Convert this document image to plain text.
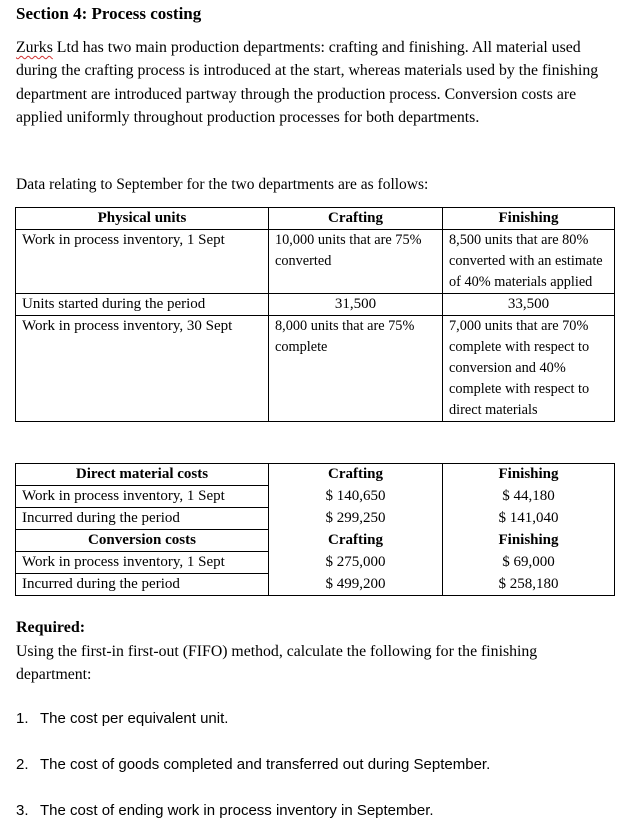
Section 4: Process costing
Zurks Ltd has two main production departments: crafting and finishing. All material used during the crafting process is introduced at the start, whereas materials used by the finishing department are introduced partway through the production process. Conversion costs are applied uniformly throughout production processes for both departments.
Data relating to September for the two departments are as follows:
Physical units	Crafting	Finishing
Work in process inventory, 1 Sept	10,000 units that are 75% converted	8,500 units that are 80% converted with an estimate of 40% materials applied
Units started during the period	31,500	33,500
Work in process inventory, 30 Sept	8,000 units that are 75% complete	7,000 units that are 70% complete with respect to conversion and 40% complete with respect to direct materials
Direct material costs	Crafting	Finishing
Work in process inventory, 1 Sept	$ 140,650	$ 44,180
Incurred during the period	$ 299,250	$ 141,040
Conversion costs	Crafting	Finishing
Work in process inventory, 1 Sept	$ 275,000	$ 69,000
Incurred during the period	$ 499,200	$ 258,180
Required:
Using the first-in first-out (FIFO) method, calculate the following for the finishing department:
1. The cost per equivalent unit.
2. The cost of goods completed and transferred out during September.
3. The cost of ending work in process inventory in September.
